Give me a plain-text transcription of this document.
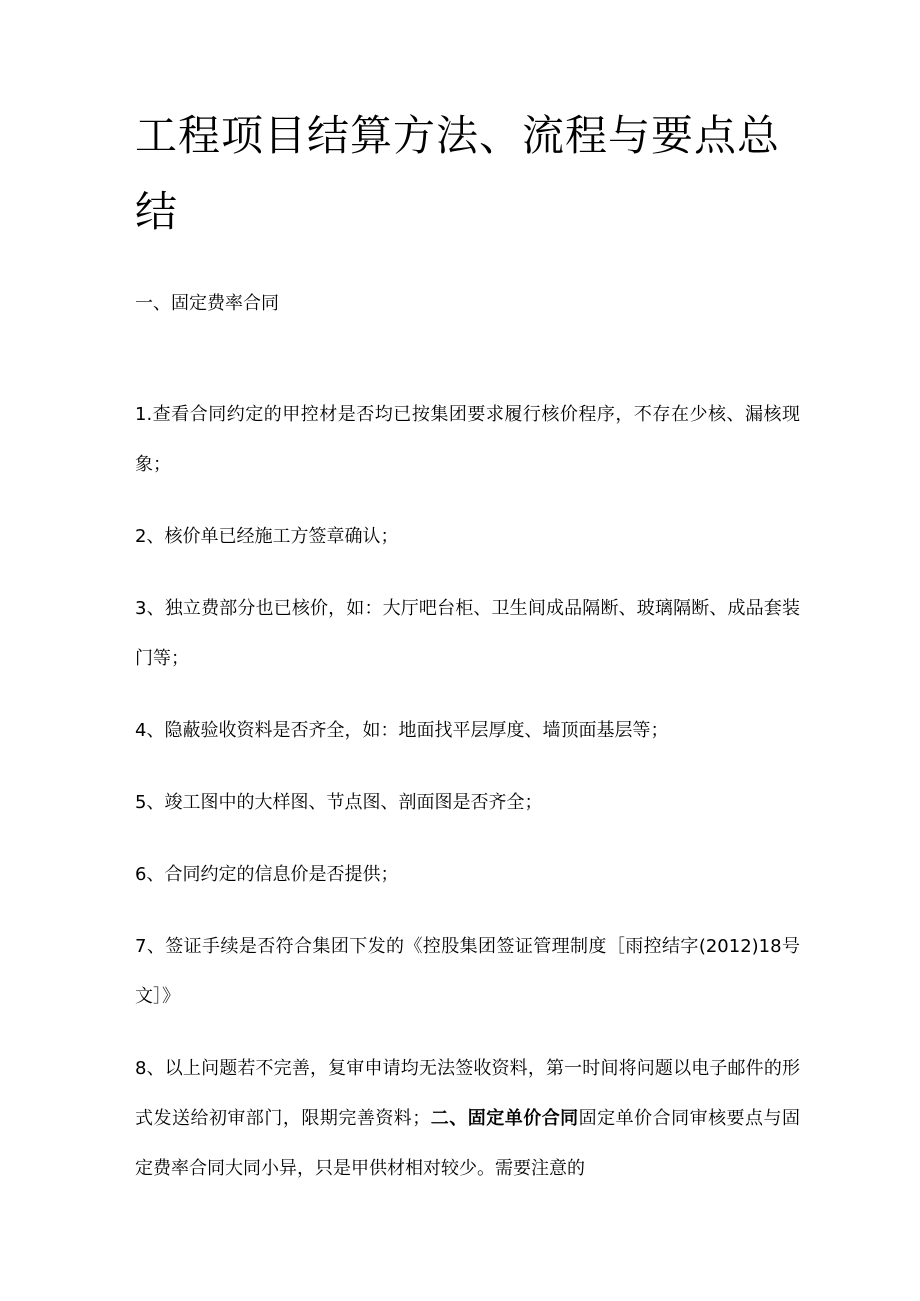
工程项目结算方法、流程与要点总结
一、固定费率合同
1.查看合同约定的甲控材是否均已按集团要求履行核价程序，不存在少核、漏核现象；
2、核价单已经施工方签章确认；
3、独立费部分也已核价，如：大厅吧台柜、卫生间成品隔断、玻璃隔断、成品套装门等；
4、隐蔽验收资料是否齐全，如：地面找平层厚度、墙顶面基层等；
5、竣工图中的大样图、节点图、剖面图是否齐全；
6、合同约定的信息价是否提供；
7、签证手续是否符合集团下发的《控股集团签证管理制度［雨控结字(2012)18号文］》
8、以上问题若不完善，复审申请均无法签收资料，第一时间将问题以电子邮件的形式发送给初审部门，限期完善资料；二、固定单价合同固定单价合同审核要点与固定费率合同大同小异，只是甲供材相对较少。需要注意的
